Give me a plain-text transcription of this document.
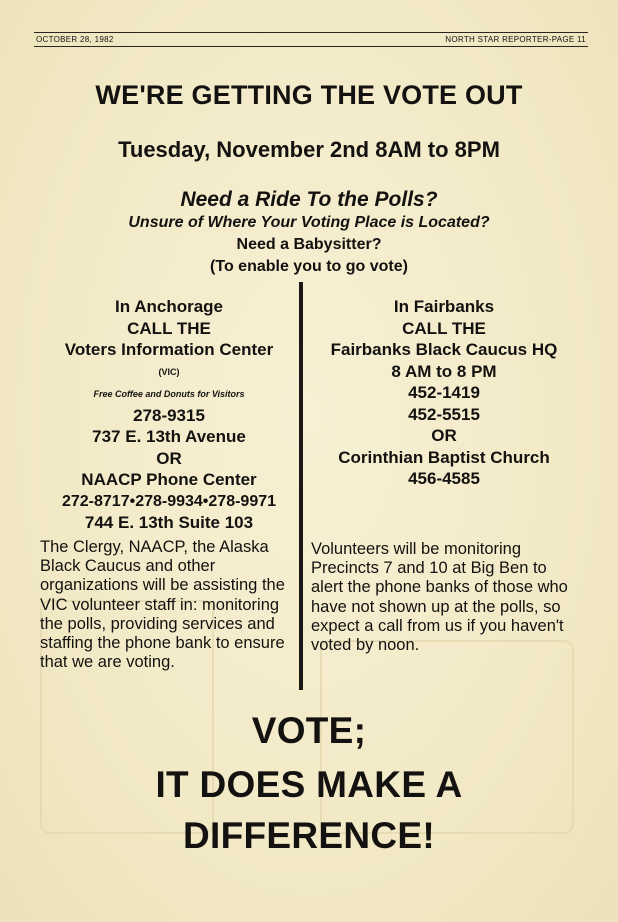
OCTOBER 28, 1982	NORTH STAR REPORTER-PAGE 11
WE'RE GETTING THE VOTE OUT
Tuesday, November 2nd 8AM to 8PM
Need a Ride To the Polls?
Unsure of Where Your Voting Place is Located?
Need a Babysitter?
(To enable you to go vote)
In Anchorage
CALL THE
Voters Information Center
(VIC)
Free Coffee and Donuts for Visitors
278-9315
737 E. 13th Avenue
OR
NAACP Phone Center
272-8717•278-9934•278-9971
744 E. 13th Suite 103
The Clergy, NAACP, the Alaska Black Caucus and other organizations will be assisting the VIC volunteer staff in: monitoring the polls, providing services and staffing the phone bank to ensure that we are voting.
In Fairbanks
CALL THE
Fairbanks Black Caucus HQ
8 AM to 8 PM
452-1419
452-5515
OR
Corinthian Baptist Church
456-4585
Volunteers will be monitoring Precincts 7 and 10 at Big Ben to alert the phone banks of those who have not shown up at the polls, so expect a call from us if you haven't voted by noon.
VOTE;
IT DOES MAKE A
DIFFERENCE!
